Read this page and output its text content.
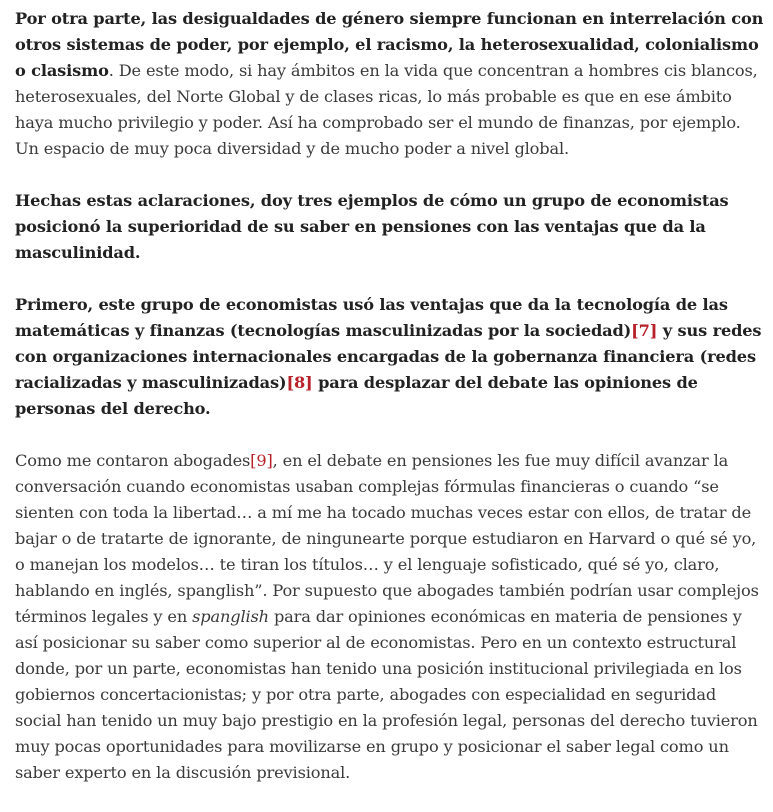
Por otra parte, las desigualdades de género siempre funcionan en interrelación con otros sistemas de poder, por ejemplo, el racismo, la heterosexualidad, colonialismo o clasismo. De este modo, si hay ámbitos en la vida que concentran a hombres cis blancos, heterosexuales, del Norte Global y de clases ricas, lo más probable es que en ese ámbito haya mucho privilegio y poder. Así ha comprobado ser el mundo de finanzas, por ejemplo. Un espacio de muy poca diversidad y de mucho poder a nivel global.

Hechas estas aclaraciones, doy tres ejemplos de cómo un grupo de economistas posicionó la superioridad de su saber en pensiones con las ventajas que da la masculinidad.

Primero, este grupo de economistas usó las ventajas que da la tecnología de las matemáticas y finanzas (tecnologías masculinizadas por la sociedad)[7] y sus redes con organizaciones internacionales encargadas de la gobernanza financiera (redes racializadas y masculinizadas)[8] para desplazar del debate las opiniones de personas del derecho.

Como me contaron abogades[9], en el debate en pensiones les fue muy difícil avanzar la conversación cuando economistas usaban complejas fórmulas financieras o cuando “se sienten con toda la libertad… a mí me ha tocado muchas veces estar con ellos, de tratar de bajar o de tratarte de ignorante, de ningunearte porque estudiaron en Harvard o qué sé yo, o manejan los modelos… te tiran los títulos… y el lenguaje sofisticado, qué sé yo, claro, hablando en inglés, spanglish”. Por supuesto que abogades también podrían usar complejos términos legales y en spanglish para dar opiniones económicas en materia de pensiones y así posicionar su saber como superior al de economistas. Pero en un contexto estructural donde, por un parte, economistas han tenido una posición institucional privilegiada en los gobiernos concertacionistas; y por otra parte, abogades con especialidad en seguridad social han tenido un muy bajo prestigio en la profesión legal, personas del derecho tuvieron muy pocas oportunidades para movilizarse en grupo y posicionar el saber legal como un saber experto en la discusión previsional.
